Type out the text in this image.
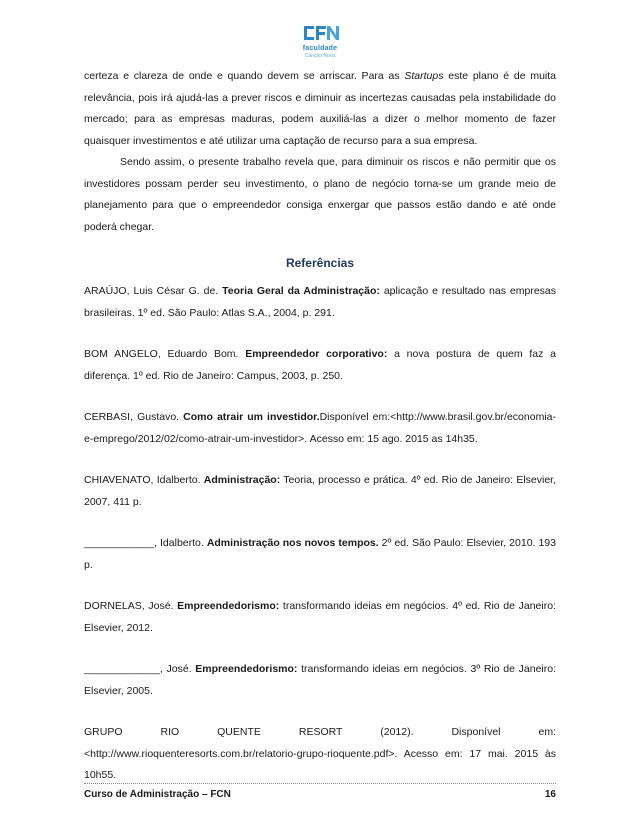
faculdade
Canção Nova

certeza e clareza de onde e quando devem se arriscar. Para as Startups este plano é de muita relevância, pois irá ajudá-las a prever riscos e diminuir as incertezas causadas pela instabilidade do mercado; para as empresas maduras, podem auxiliá-las a dizer o melhor momento de fazer quaisquer investimentos e até utilizar uma captação de recurso para a sua empresa.

Sendo assim, o presente trabalho revela que, para diminuir os riscos e não permitir que os investidores possam perder seu investimento, o plano de negócio torna-se um grande meio de planejamento para que o empreendedor consiga enxergar que passos estão dando e até onde poderá chegar.

Referências

ARAÚJO, Luis César G. de. Teoria Geral da Administração: aplicação e resultado nas empresas brasileiras. 1º ed. São Paulo: Atlas S.A., 2004, p. 291.

BOM ANGELO, Eduardo Bom. Empreendedor corporativo: a nova postura de quem faz a diferença. 1º ed. Rio de Janeiro: Campus, 2003, p. 250.

CERBASI, Gustavo. Como atrair um investidor.Disponível em:<http://www.brasil.gov.br/economia-e-emprego/2012/02/como-atrair-um-investidor>. Acesso em: 15 ago. 2015 as 14h35.

CHIAVENATO, Idalberto. Administração: Teoria, processo e prática. 4º ed. Rio de Janeiro: Elsevier, 2007, 411 p.

____________, Idalberto. Administração nos novos tempos. 2º ed. São Paulo: Elsevier, 2010. 193 p.

DORNELAS, José. Empreendedorismo: transformando ideias em negócios. 4º ed. Rio de Janeiro: Elsevier, 2012.

_____________, José. Empreendedorismo: transformando ideias em negócios. 3º Rio de Janeiro: Elsevier, 2005.

GRUPO RIO QUENTE RESORT (2012). Disponível em: <http://www.rioquenteresorts.com.br/relatorio-grupo-rioquente.pdf>. Acesso em: 17 mai. 2015 às 10h55.

Curso de Administração – FCN	16
